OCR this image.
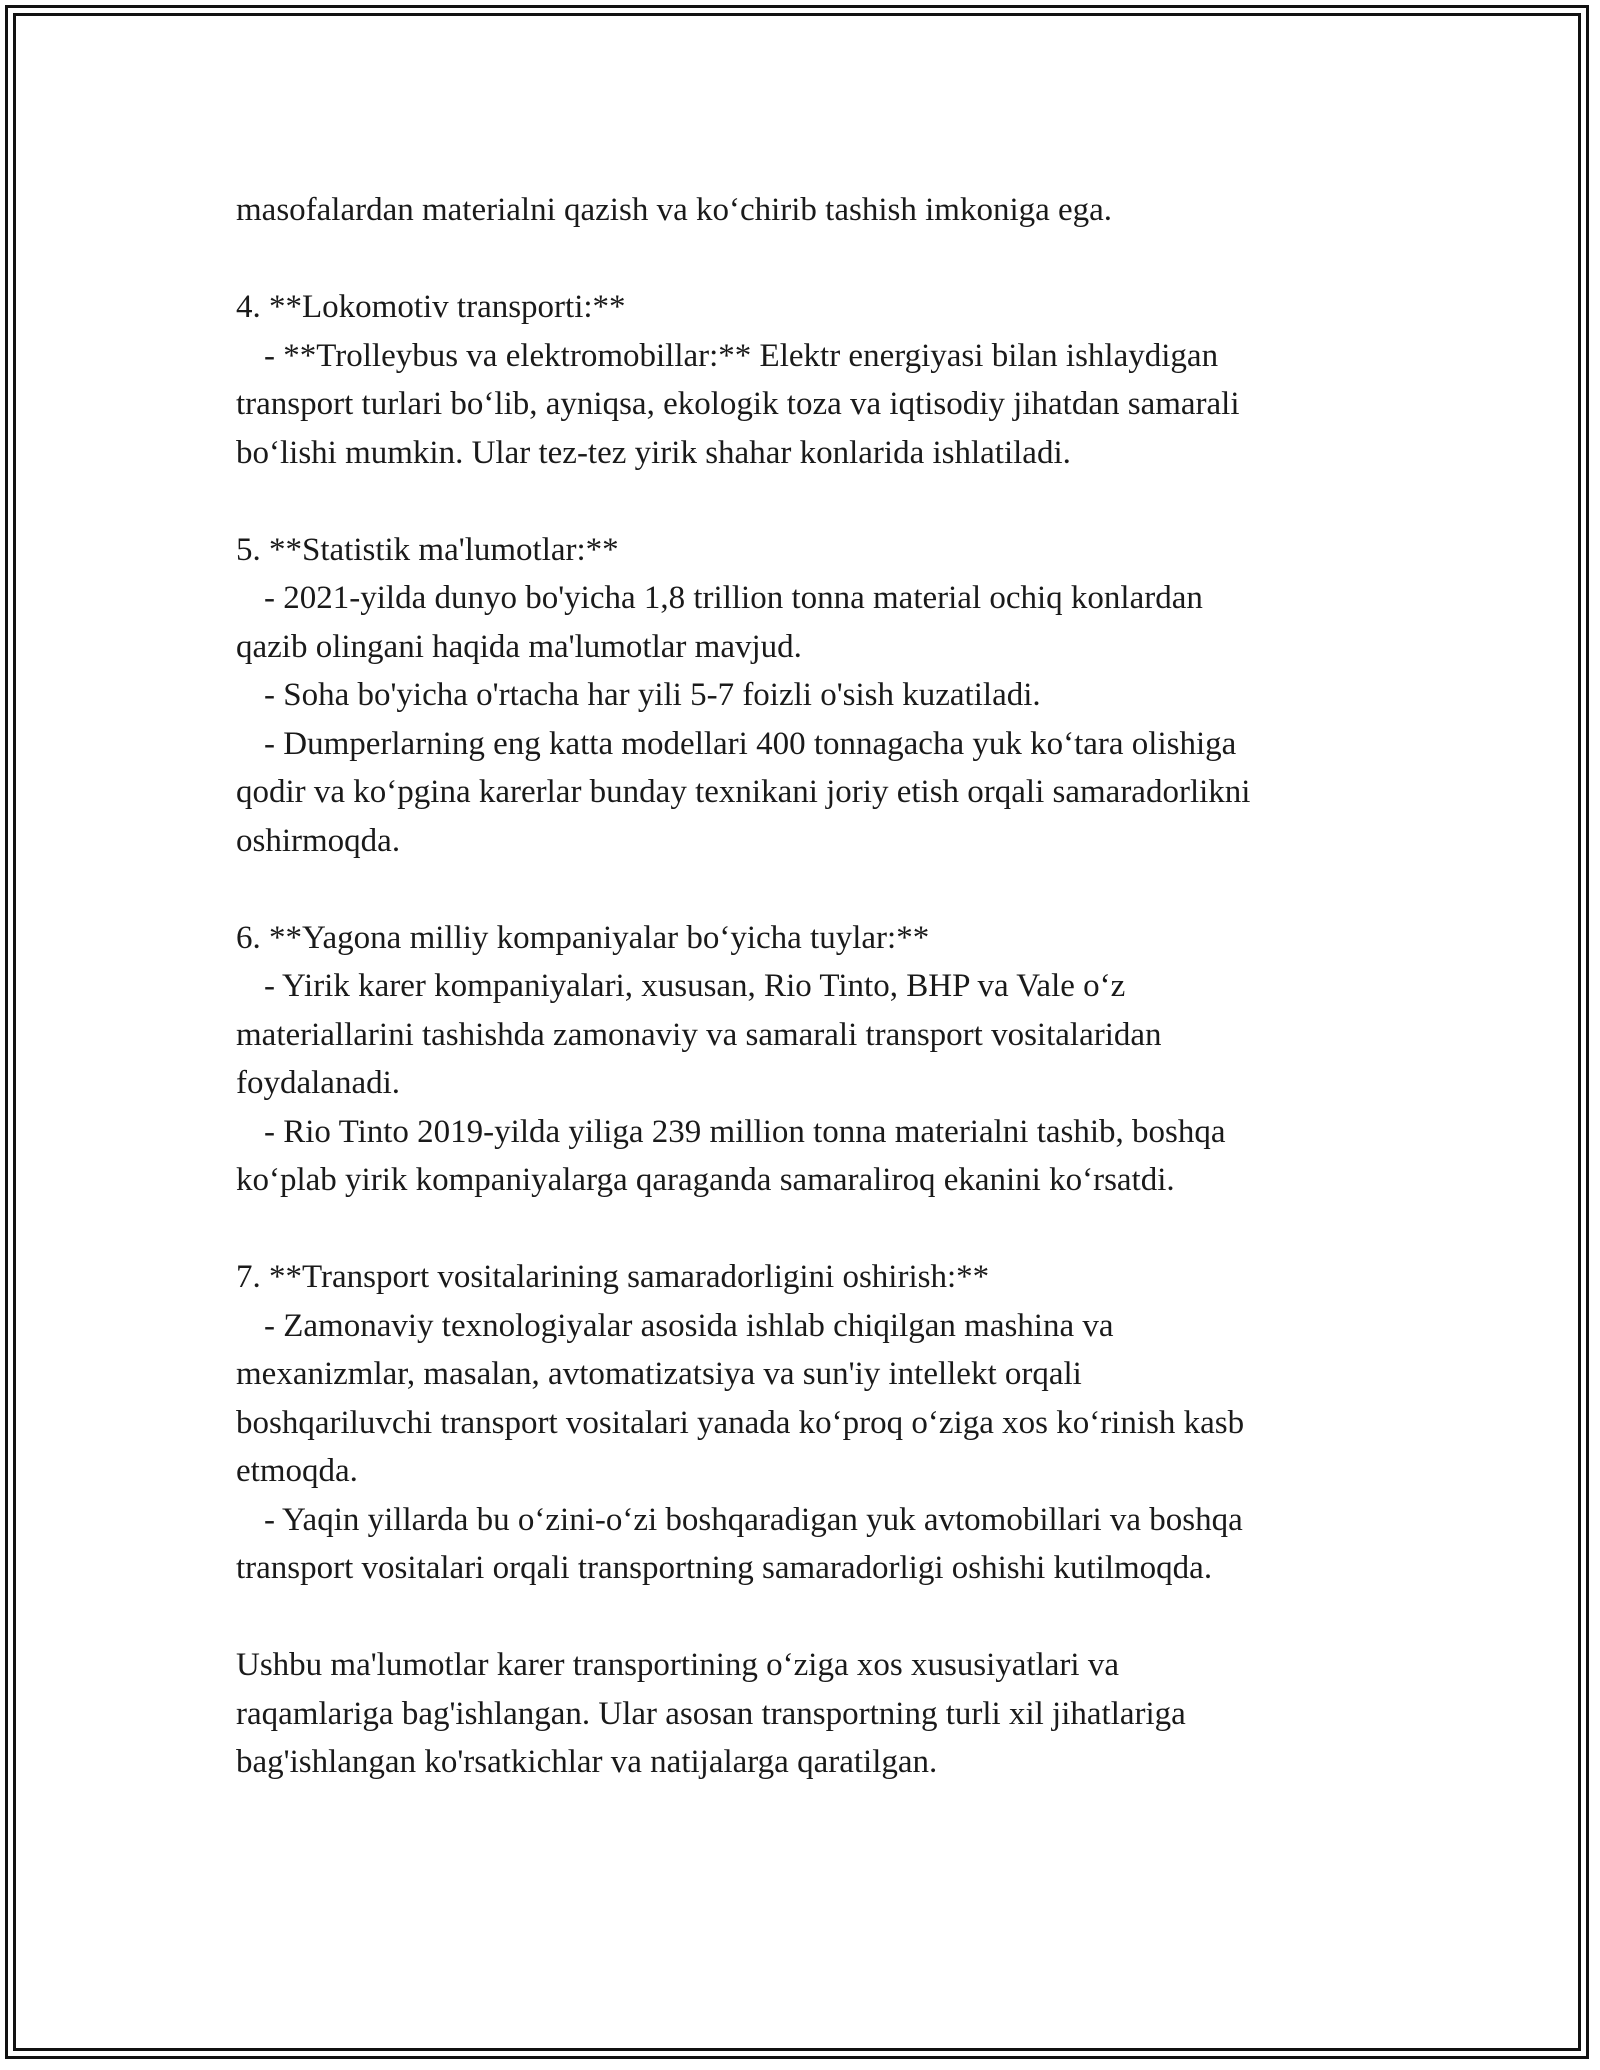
masofalardan materialni qazish va ko‘chirib tashish imkoniga ega.
4. **Lokomotiv transporti:**
- **Trolleybus va elektromobillar:** Elektr energiyasi bilan ishlaydigan
transport turlari bo‘lib, ayniqsa, ekologik toza va iqtisodiy jihatdan samarali
bo‘lishi mumkin. Ular tez-tez yirik shahar konlarida ishlatiladi.
5. **Statistik ma'lumotlar:**
- 2021-yilda dunyo bo'yicha 1,8 trillion tonna material ochiq konlardan
qazib olingani haqida ma'lumotlar mavjud.
- Soha bo'yicha o'rtacha har yili 5-7 foizli o'sish kuzatiladi.
- Dumperlarning eng katta modellari 400 tonnagacha yuk ko‘tara olishiga
qodir va ko‘pgina karerlar bunday texnikani joriy etish orqali samaradorlikni
oshirmoqda.
6. **Yagona milliy kompaniyalar bo‘yicha tuylar:**
- Yirik karer kompaniyalari, xususan, Rio Tinto, BHP va Vale o‘z
materiallarini tashishda zamonaviy va samarali transport vositalaridan
foydalanadi.
- Rio Tinto 2019-yilda yiliga 239 million tonna materialni tashib, boshqa
ko‘plab yirik kompaniyalarga qaraganda samaraliroq ekanini ko‘rsatdi.
7. **Transport vositalarining samaradorligini oshirish:**
- Zamonaviy texnologiyalar asosida ishlab chiqilgan mashina va
mexanizmlar, masalan, avtomatizatsiya va sun'iy intellekt orqali
boshqariluvchi transport vositalari yanada ko‘proq o‘ziga xos ko‘rinish kasb
etmoqda.
- Yaqin yillarda bu o‘zini-o‘zi boshqaradigan yuk avtomobillari va boshqa
transport vositalari orqali transportning samaradorligi oshishi kutilmoqda.
Ushbu ma'lumotlar karer transportining o‘ziga xos xususiyatlari va
raqamlariga bag'ishlangan. Ular asosan transportning turli xil jihatlariga
bag'ishlangan ko'rsatkichlar va natijalarga qaratilgan.
